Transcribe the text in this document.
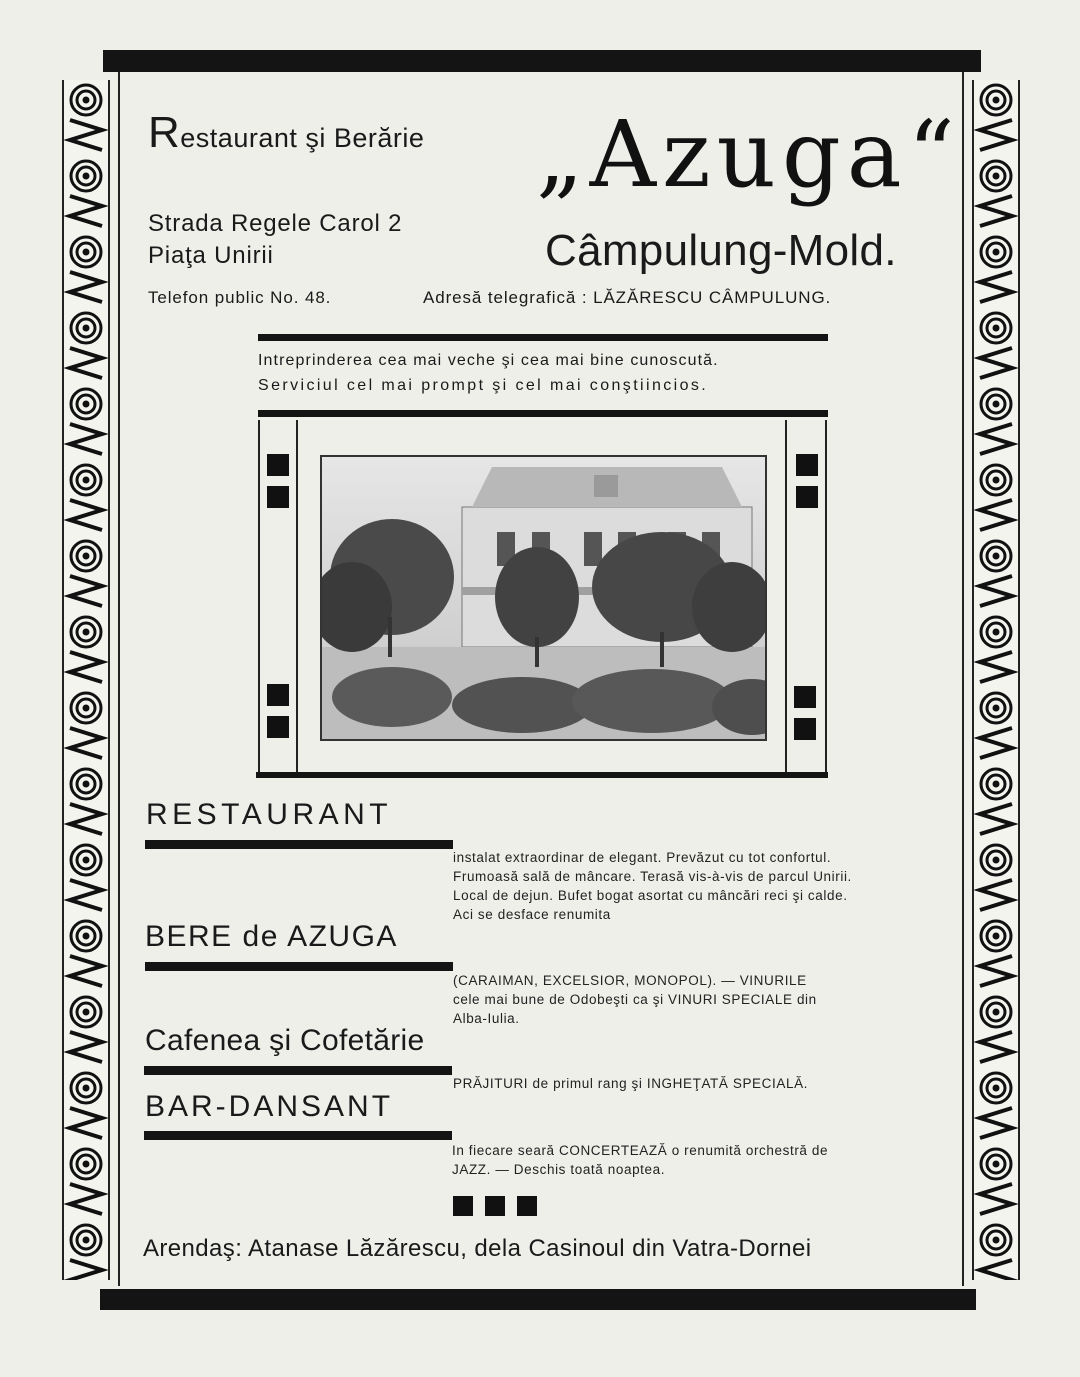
Restaurant şi Berărie „Azuga“

Strada Regele Carol 2

Piaţa Unirii	Câmpulung-Mold.

Telefon public No. 48.	Adresă telegrafică : LĂZĂRESCU CÂMPULUNG.

Intreprinderea cea mai veche şi cea mai bine cunoscută.

Serviciul cel mai prompt şi cel mai conştiincios.

RESTAURANT

instalat extraordinar de elegant. Prevăzut cu tot confortul.
Frumoasă sală de mâncare. Terasă vis-à-vis de parcul Unirii.
Local de dejun. Bufet bogat asortat cu mâncări reci şi calde.
Aci se desface renumita

BERE de AZUGA

(CARAIMAN, EXCELSIOR, MONOPOL). — VINURILE
cele mai bune de Odobeşti ca şi VINURI SPECIALE din
Alba-Iulia.

Cafenea şi Cofetărie

PRĂJITURI de primul rang şi INGHEŢATĂ SPECIALĂ.

BAR-DANSANT

In fiecare seară CONCERTEAZĂ o renumită orchestră de
JAZZ. — Deschis toată noaptea.

Arendaş: Atanase Lăzărescu, dela Casinoul din Vatra-Dornei
